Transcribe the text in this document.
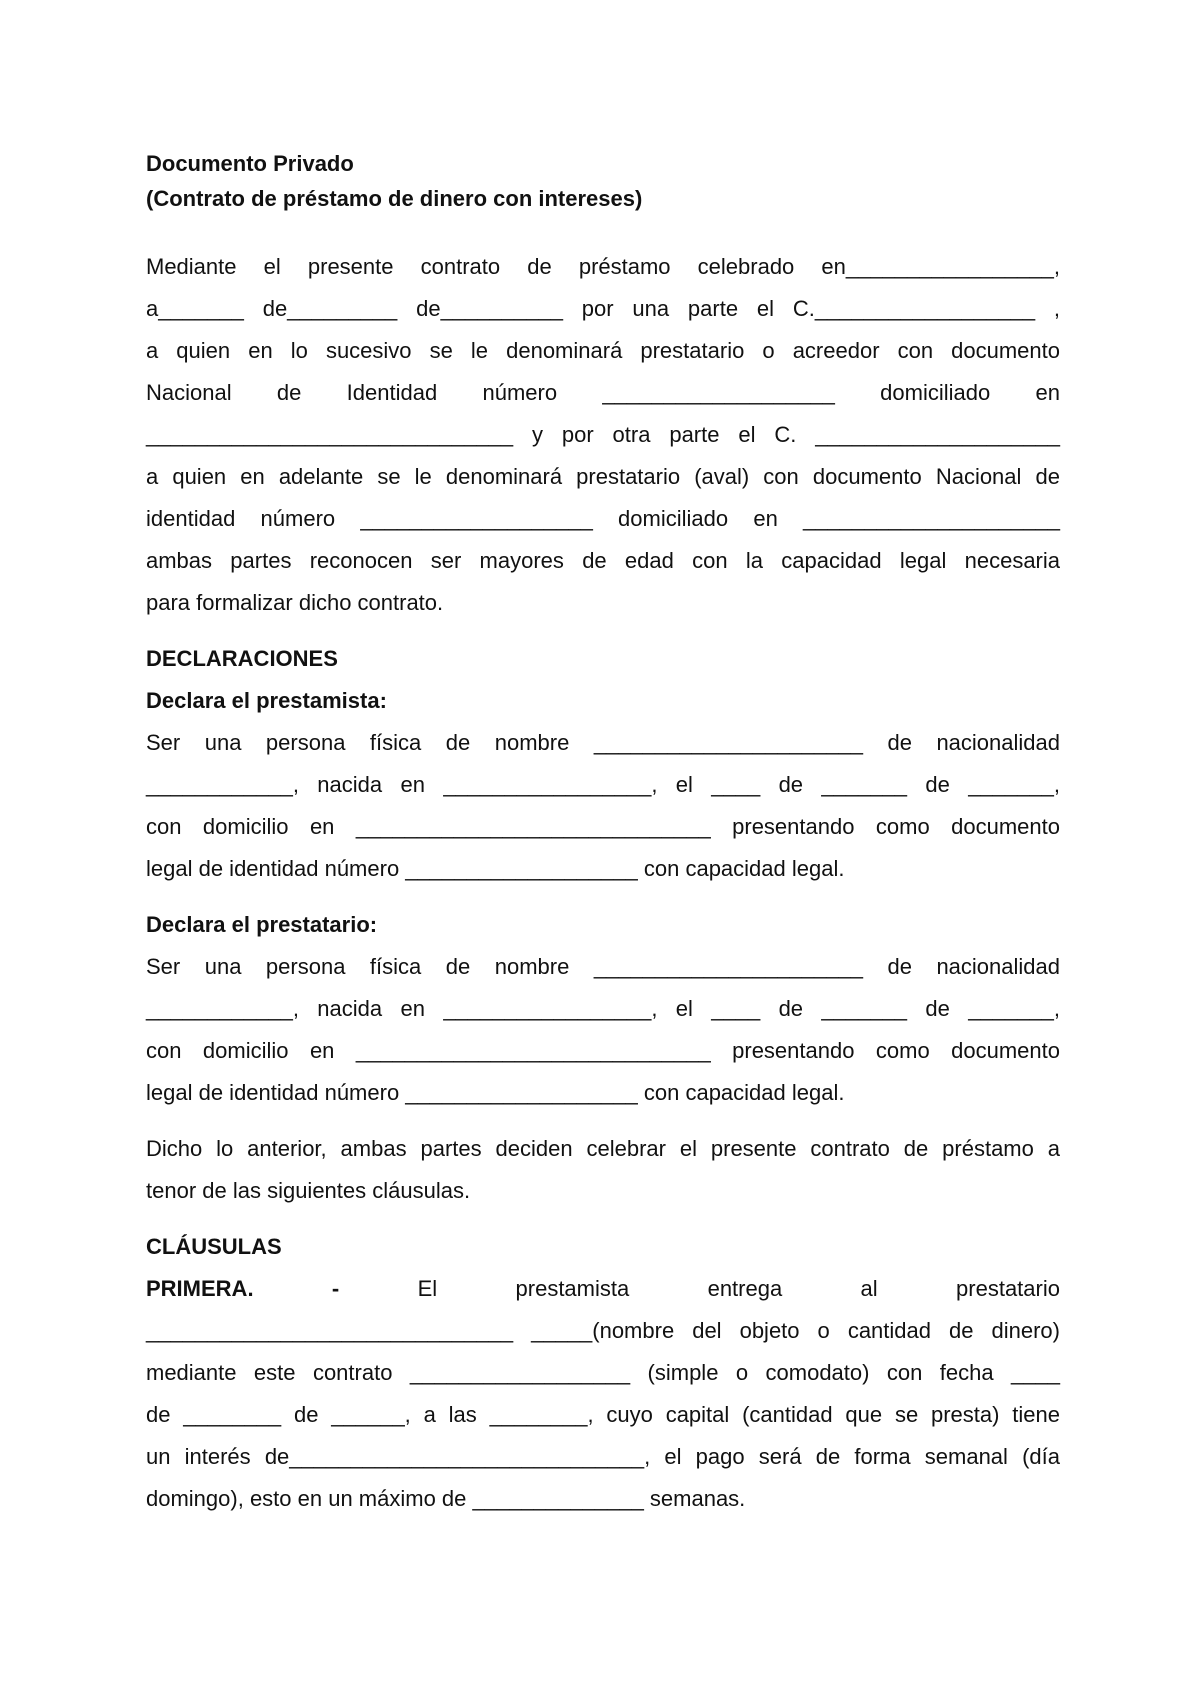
Documento Privado

(Contrato de préstamo de dinero con intereses)

Mediante el presente contrato de préstamo celebrado en_________________,

a_______ de_________ de__________ por una parte el C.__________________ ,

a quien en lo sucesivo se le denominará prestatario o acreedor con documento

Nacional de Identidad número ___________________ domiciliado en

______________________________ y por otra parte el C. ____________________

a quien en adelante se le denominará prestatario (aval) con documento Nacional de

identidad número ___________________ domiciliado en _____________________

ambas partes reconocen ser mayores de edad con la capacidad legal necesaria

para formalizar dicho contrato.

DECLARACIONES

Declara el prestamista:

Ser una persona física de nombre ______________________ de nacionalidad

____________, nacida en _________________, el ____ de _______ de _______,

con domicilio en _____________________________ presentando como documento

legal de identidad número ___________________ con capacidad legal.

Declara el prestatario:

Ser una persona física de nombre ______________________ de nacionalidad

____________, nacida en _________________, el ____ de _______ de _______,

con domicilio en _____________________________ presentando como documento

legal de identidad número ___________________ con capacidad legal.

Dicho lo anterior, ambas partes deciden celebrar el presente contrato de préstamo a

tenor de las siguientes cláusulas.

CLÁUSULAS

PRIMERA.	-	El prestamista entrega al prestatario

______________________________ _____(nombre del objeto o cantidad de dinero)

mediante este contrato __________________ (simple o comodato) con fecha ____

de ________ de ______, a las ________, cuyo capital (cantidad que se presta) tiene

un interés de_____________________________, el pago será de forma semanal (día

domingo), esto en un máximo de ______________ semanas.
